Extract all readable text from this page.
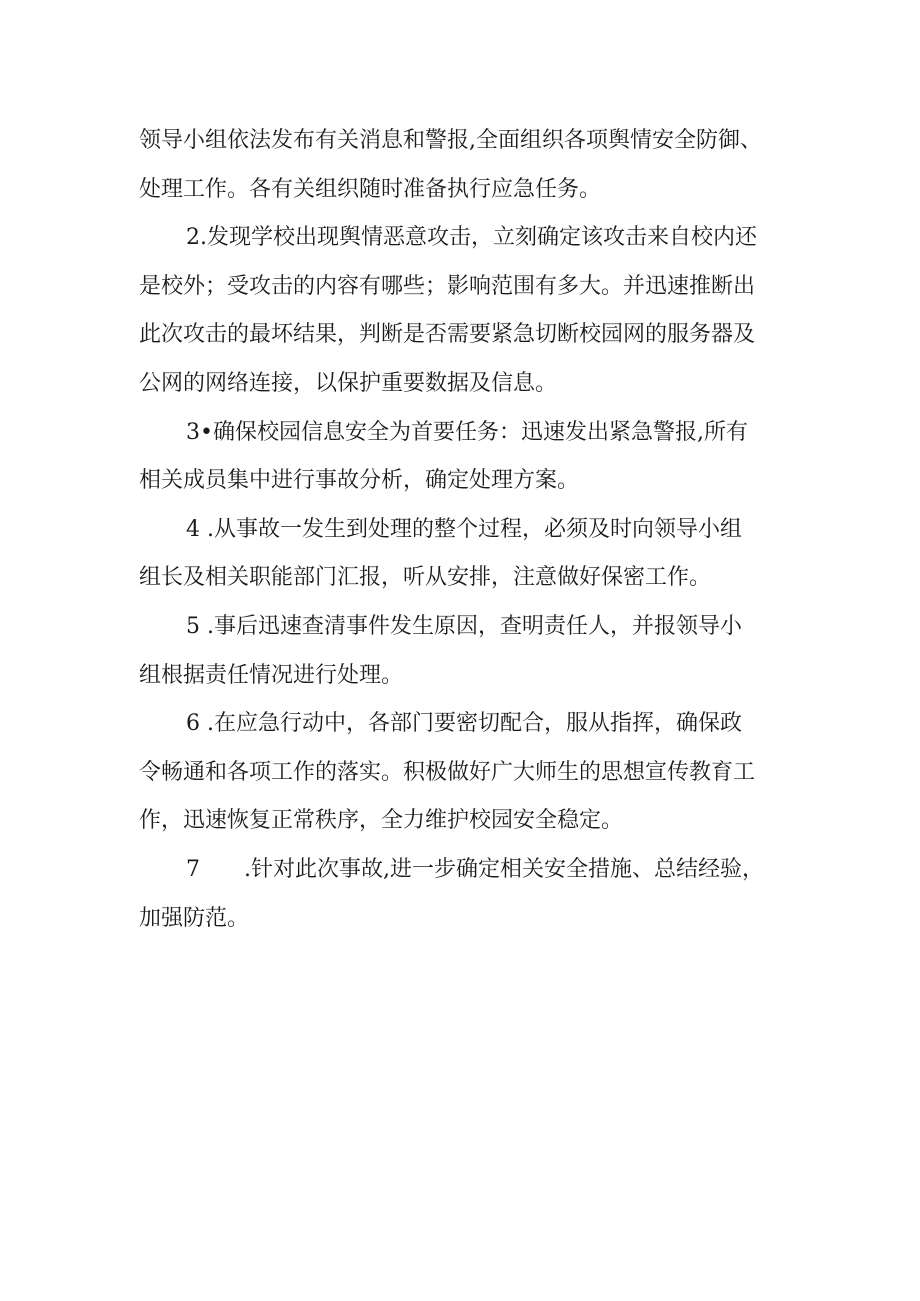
领导小组依法发布有关消息和警报,全面组织各项舆情安全防御、
处理工作。各有关组织随时准备执行应急任务。
2.发现学校出现舆情恶意攻击，立刻确定该攻击来自校内还
是校外；受攻击的内容有哪些；影响范围有多大。并迅速推断出
此次攻击的最坏结果，判断是否需要紧急切断校园网的服务器及
公网的网络连接，以保护重要数据及信息。
3•确保校园信息安全为首要任务：迅速发出紧急警报,所有
相关成员集中进行事故分析，确定处理方案。
4 .从事故一发生到处理的整个过程，必须及时向领导小组
组长及相关职能部门汇报，听从安排，注意做好保密工作。
5 .事后迅速查清事件发生原因，查明责任人，并报领导小
组根据责任情况进行处理。
6 .在应急行动中，各部门要密切配合，服从指挥，确保政
令畅通和各项工作的落实。积极做好广大师生的思想宣传教育工
作，迅速恢复正常秩序，全力维护校园安全稳定。
7 .针对此次事故,进一步确定相关安全措施、总结经验，
加强防范。
